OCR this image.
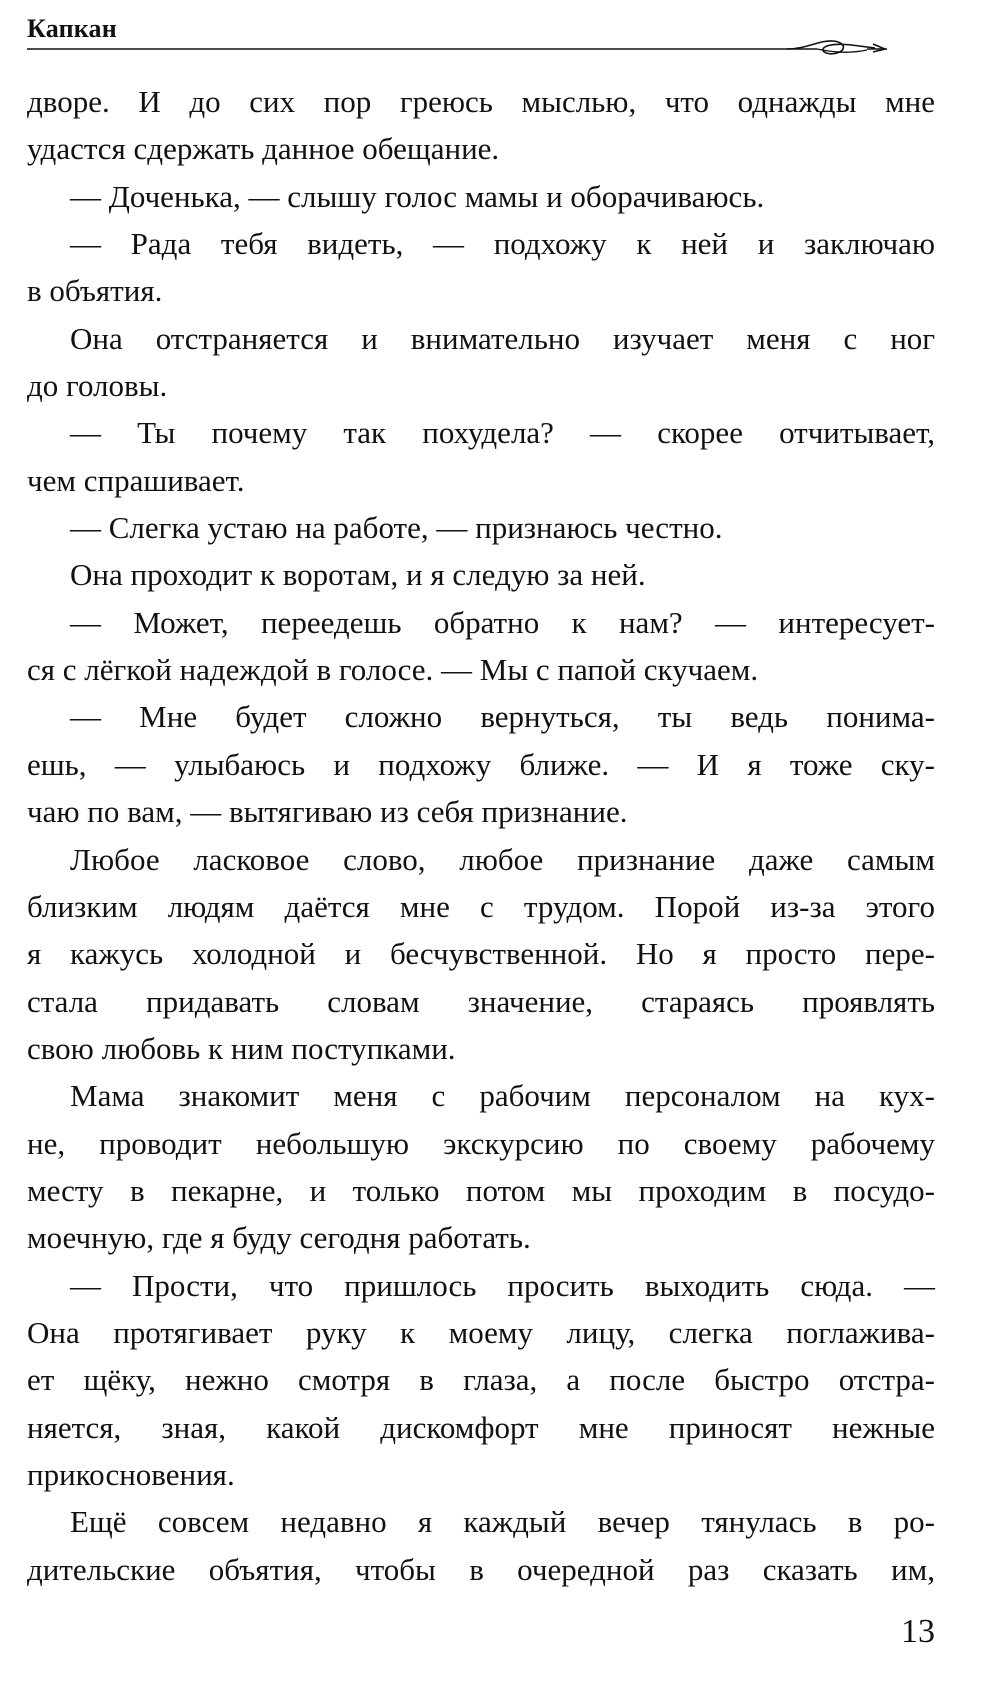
Капкан
дворе. И до сих пор греюсь мыслью, что однажды мне
удастся сдержать данное обещание.
— Доченька, — слышу голос мамы и оборачиваюсь.
— Рада тебя видеть, — подхожу к ней и заключаю
в объятия.
Она отстраняется и внимательно изучает меня с ног
до головы.
— Ты почему так похудела? — скорее отчитывает,
чем спрашивает.
— Слегка устаю на работе, — признаюсь честно.
Она проходит к воротам, и я следую за ней.
— Может, переедешь обратно к нам? — интересует-
ся с лёгкой надеждой в голосе. — Мы с папой скучаем.
— Мне будет сложно вернуться, ты ведь понима-
ешь, — улыбаюсь и подхожу ближе. — И я тоже ску-
чаю по вам, — вытягиваю из себя признание.
Любое ласковое слово, любое признание даже самым
близким людям даётся мне с трудом. Порой из-за этого
я кажусь холодной и бесчувственной. Но я просто пере-
стала придавать словам значение, стараясь проявлять
свою любовь к ним поступками.
Мама знакомит меня с рабочим персоналом на кух-
не, проводит небольшую экскурсию по своему рабочему
месту в пекарне, и только потом мы проходим в посудо-
моечную, где я буду сегодня работать.
— Прости, что пришлось просить выходить сюда. —
Она протягивает руку к моему лицу, слегка поглажива-
ет щёку, нежно смотря в глаза, а после быстро отстра-
няется, зная, какой дискомфорт мне приносят нежные
прикосновения.
Ещё совсем недавно я каждый вечер тянулась в ро-
дительские объятия, чтобы в очередной раз сказать им,
13
